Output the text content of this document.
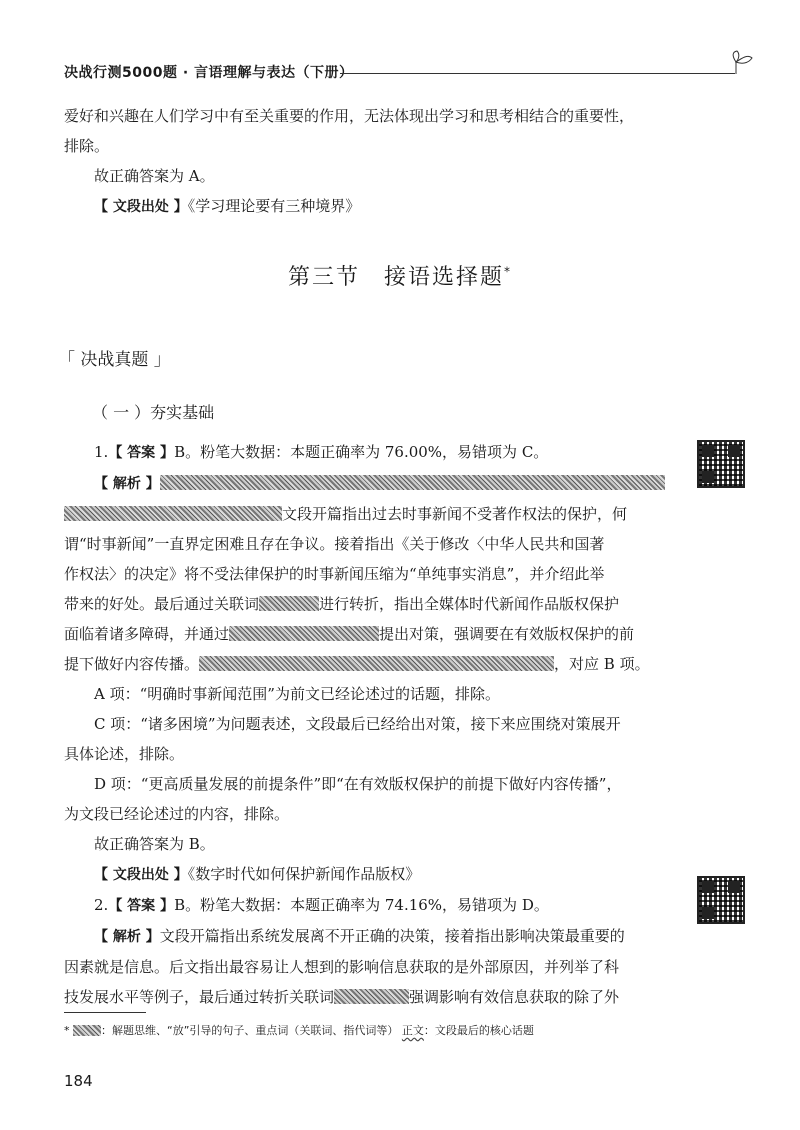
决战行测5000题 · 言语理解与表达（下册）
爱好和兴趣在人们学习中有至关重要的作用，无法体现出学习和思考相结合的重要性，
排除。
故正确答案为 A。
【 文段出处 】《学习理论要有三种境界》
第三节　接语选择题*
「 决战真题 」
（ 一 ）夯实基础
1.【 答案 】B。粉笔大数据：本题正确率为 76.00%，易错项为 C。
【 解析 】
文段开篇指出过去时事新闻不受著作权法的保护，何
谓“时事新闻”一直界定困难且存在争议。接着指出《关于修改〈中华人民共和国著
作权法〉的决定》将不受法律保护的时事新闻压缩为“单纯事实消息”，并介绍此举
带来的好处。最后通过关联词	进行转折，指出全媒体时代新闻作品版权保护
面临着诸多障碍，并通过	提出对策，强调要在有效版权保护的前
提下做好内容传播。	，对应 B 项。
A 项：“明确时事新闻范围”为前文已经论述过的话题，排除。
C 项：“诸多困境”为问题表述，文段最后已经给出对策，接下来应围绕对策展开
具体论述，排除。
D 项：“更高质量发展的前提条件”即“在有效版权保护的前提下做好内容传播”，
为文段已经论述过的内容，排除。
故正确答案为 B。
【 文段出处 】《数字时代如何保护新闻作品版权》
2.【 答案 】B。粉笔大数据：本题正确率为 74.16%，易错项为 D。
【 解析 】文段开篇指出系统发展离不开正确的决策，接着指出影响决策最重要的
因素就是信息。后文指出最容易让人想到的影响信息获取的是外部原因，并列举了科
技发展水平等例子，最后通过转折关联词	强调影响有效信息获取的除了外
*	：解题思维、“放”引导的句子、重点词（关联词、指代词等） 正文：文段最后的核心话题
184
